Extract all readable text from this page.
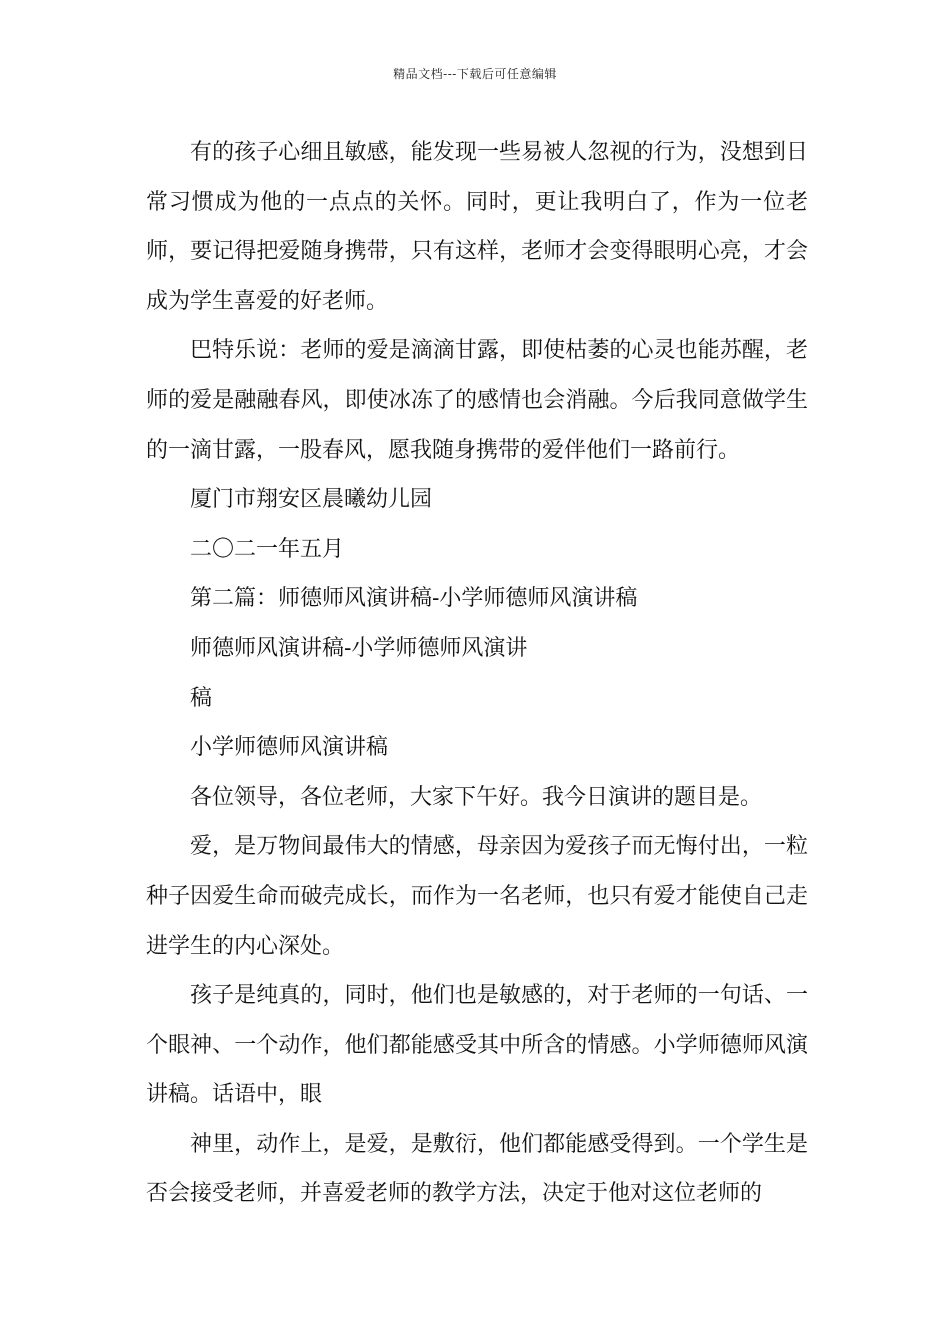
精品文档---下载后可任意编辑

有的孩子心细且敏感，能发现一些易被人忽视的行为，没想到日常习惯成为他的一点点的关怀。同时，更让我明白了，作为一位老师，要记得把爱随身携带，只有这样，老师才会变得眼明心亮，才会成为学生喜爱的好老师。

巴特乐说：老师的爱是滴滴甘露，即使枯萎的心灵也能苏醒，老师的爱是融融春风，即使冰冻了的感情也会消融。今后我同意做学生的一滴甘露，一股春风，愿我随身携带的爱伴他们一路前行。

厦门市翔安区晨曦幼儿园

二〇二一年五月

第二篇：师德师风演讲稿-小学师德师风演讲稿

师德师风演讲稿-小学师德师风演讲

稿

小学师德师风演讲稿

各位领导，各位老师，大家下午好。我今日演讲的题目是。

爱，是万物间最伟大的情感，母亲因为爱孩子而无悔付出，一粒种子因爱生命而破壳成长，而作为一名老师，也只有爱才能使自己走进学生的内心深处。

孩子是纯真的，同时，他们也是敏感的，对于老师的一句话、一个眼神、一个动作，他们都能感受其中所含的情感。小学师德师风演讲稿。话语中，眼

神里，动作上，是爱，是敷衍，他们都能感受得到。一个学生是否会接受老师，并喜爱老师的教学方法，决定于他对这位老师的
